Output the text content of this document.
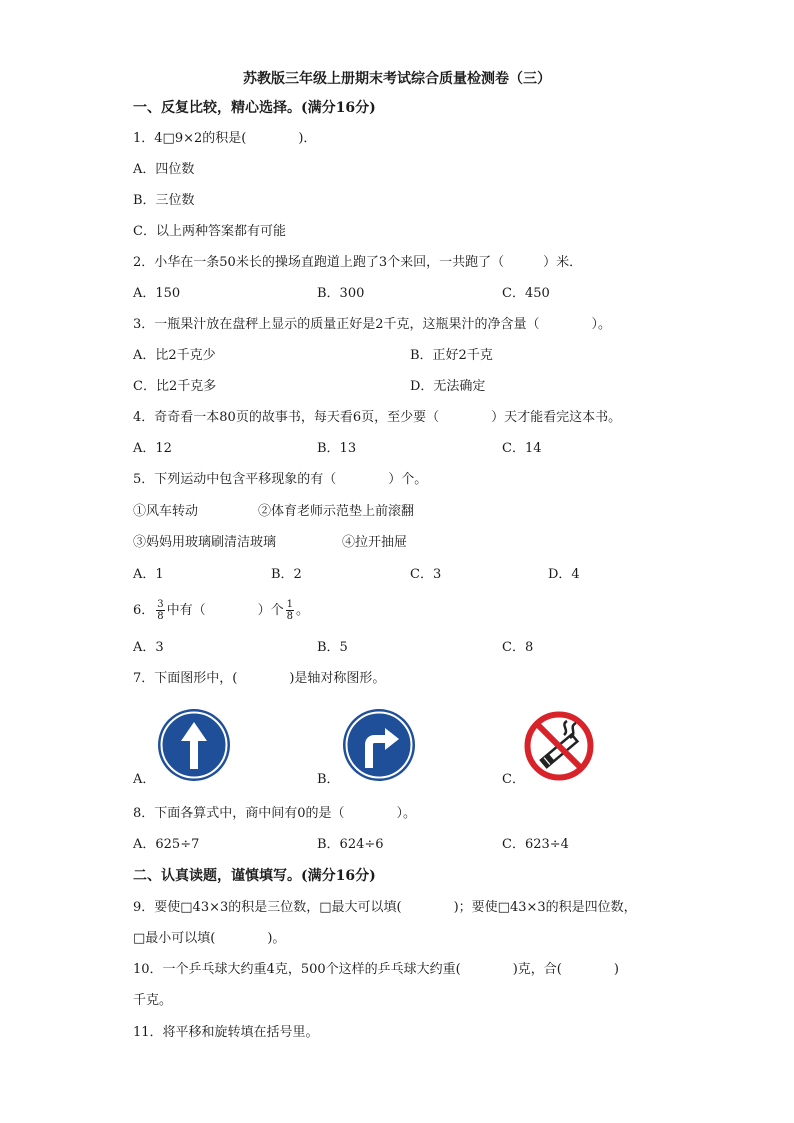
苏教版三年级上册期末考试综合质量检测卷（三）
一、反复比较，精心选择。(满分16分)
1．4□9×2的积是(　　　　)．
A．四位数
B．三位数
C．以上两种答案都有可能
2．小华在一条50米长的操场直跑道上跑了3个来回，一共跑了（　　　）米．
A．150	B．300	C．450
3．一瓶果汁放在盘秤上显示的质量正好是2千克，这瓶果汁的净含量（　　　　）。
A．比2千克少	B．正好2千克
C．比2千克多	D．无法确定
4．奇奇看一本80页的故事书，每天看6页，至少要（　　　　）天才能看完这本书。
A．12	B．13	C．14
5．下列运动中包含平移现象的有（　　　　）个。
①风车转动	②体育老师示范垫上前滚翻
③妈妈用玻璃刷清洁玻璃	④拉开抽屉
A．1	B．2	C．3	D．4
6． $\frac{3}{8}$ 中有（　　　　）个 $\frac{1}{8}$ 。
A．3	B．5	C．8
7．下面图形中，(　　　　)是轴对称图形。
A．	B．	C．
8．下面各算式中，商中间有0的是（　　　　）。
A．625÷7	B．624÷6	C．623÷4
二、认真读题，谨慎填写。(满分16分)
9．要使□43×3的积是三位数，□最大可以填(　　　　)；要使□43×3的积是四位数，
□最小可以填(　　　　)。
10．一个乒乓球大约重4克，500个这样的乒乓球大约重(　　　　)克，合(　　　　)
千克。
11．将平移和旋转填在括号里。
